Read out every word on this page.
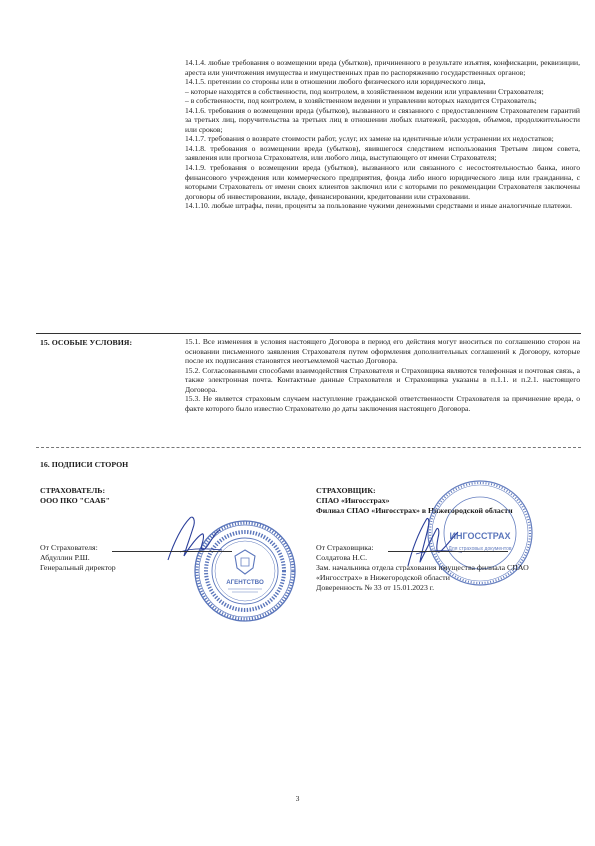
14.1.4. любые требования о возмещении вреда (убытков), причиненного в результате изъятия, конфискации, реквизиции, ареста или уничтожения имущества и имущественных прав по распоряжению государственных органов;
14.1.5. претензии со стороны или в отношении любого физического или юридического лица,
– которые находятся в собственности, под контролем, в хозяйственном ведении или управлении Страхователя;
– в собственности, под контролем, в хозяйственном ведении и управлении которых находится Страхователь;
14.1.6. требования о возмещении вреда (убытков), вызванного и связанного с предоставлением Страхователем гарантий за третьих лиц, поручительства за третьих лиц в отношении любых платежей, расходов, объемов, продолжительности или сроков;
14.1.7. требования о возврате стоимости работ, услуг, их замене на идентичные и/или устранении их недостатков;
14.1.8. требования о возмещении вреда (убытков), явившегося следствием использования Третьим лицом совета, заявления или прогноза Страхователя, или любого лица, выступающего от имени Страхователя;
14.1.9. требования о возмещении вреда (убытков), вызванного или связанного с несостоятельностью банка, иного финансового учреждения или коммерческого предприятия, фонда либо иного юридического лица или гражданина, с которыми Страхователь от имени своих клиентов заключил или с которыми по рекомендации Страхователя заключены договоры об инвестировании, вкладе, финансировании, кредитовании или страховании.
14.1.10. любые штрафы, пени, проценты за пользование чужими денежными средствами и иные аналогичные платежи.
15. ОСОБЫЕ УСЛОВИЯ:	15.1. Все изменения в условия настоящего Договора в период его действия могут вноситься по соглашению сторон на основании письменного заявления Страхователя путем оформления дополнительных соглашений к Договору, которые после их подписания становятся неотъемлемой частью Договора.
15.2. Согласованными способами взаимодействия Страхователя и Страховщика являются телефонная и почтовая связь, а также электронная почта. Контактные данные Страхователя и Страховщика указаны в п.1.1. и п.2.1. настоящего Договора.
15.3. Не является страховым случаем наступление гражданской ответственности Страхователя за причинение вреда, о факте которого было известно Страхователю до даты заключения настоящего Договора.
16. ПОДПИСИ СТОРОН
СТРАХОВАТЕЛЬ:
ООО ПКО "СААБ"
СТРАХОВЩИК:
СПАО «Ингосстрах»
Филиал СПАО «Ингосстрах» в Нижегородской области
АГЕНТСТВО
От Страхователя:
Абдуллин Р.Ш.
Генеральный директор
ИНГОССТРАХ
Для страховых документов
От Страховщика:
Солдатова Н.С.
Зам. начальника отдела страхования имущества филиала СПАО
«Ингосстрах» в Нижегородской области
Доверенность № 33 от 15.01.2023 г.
3
